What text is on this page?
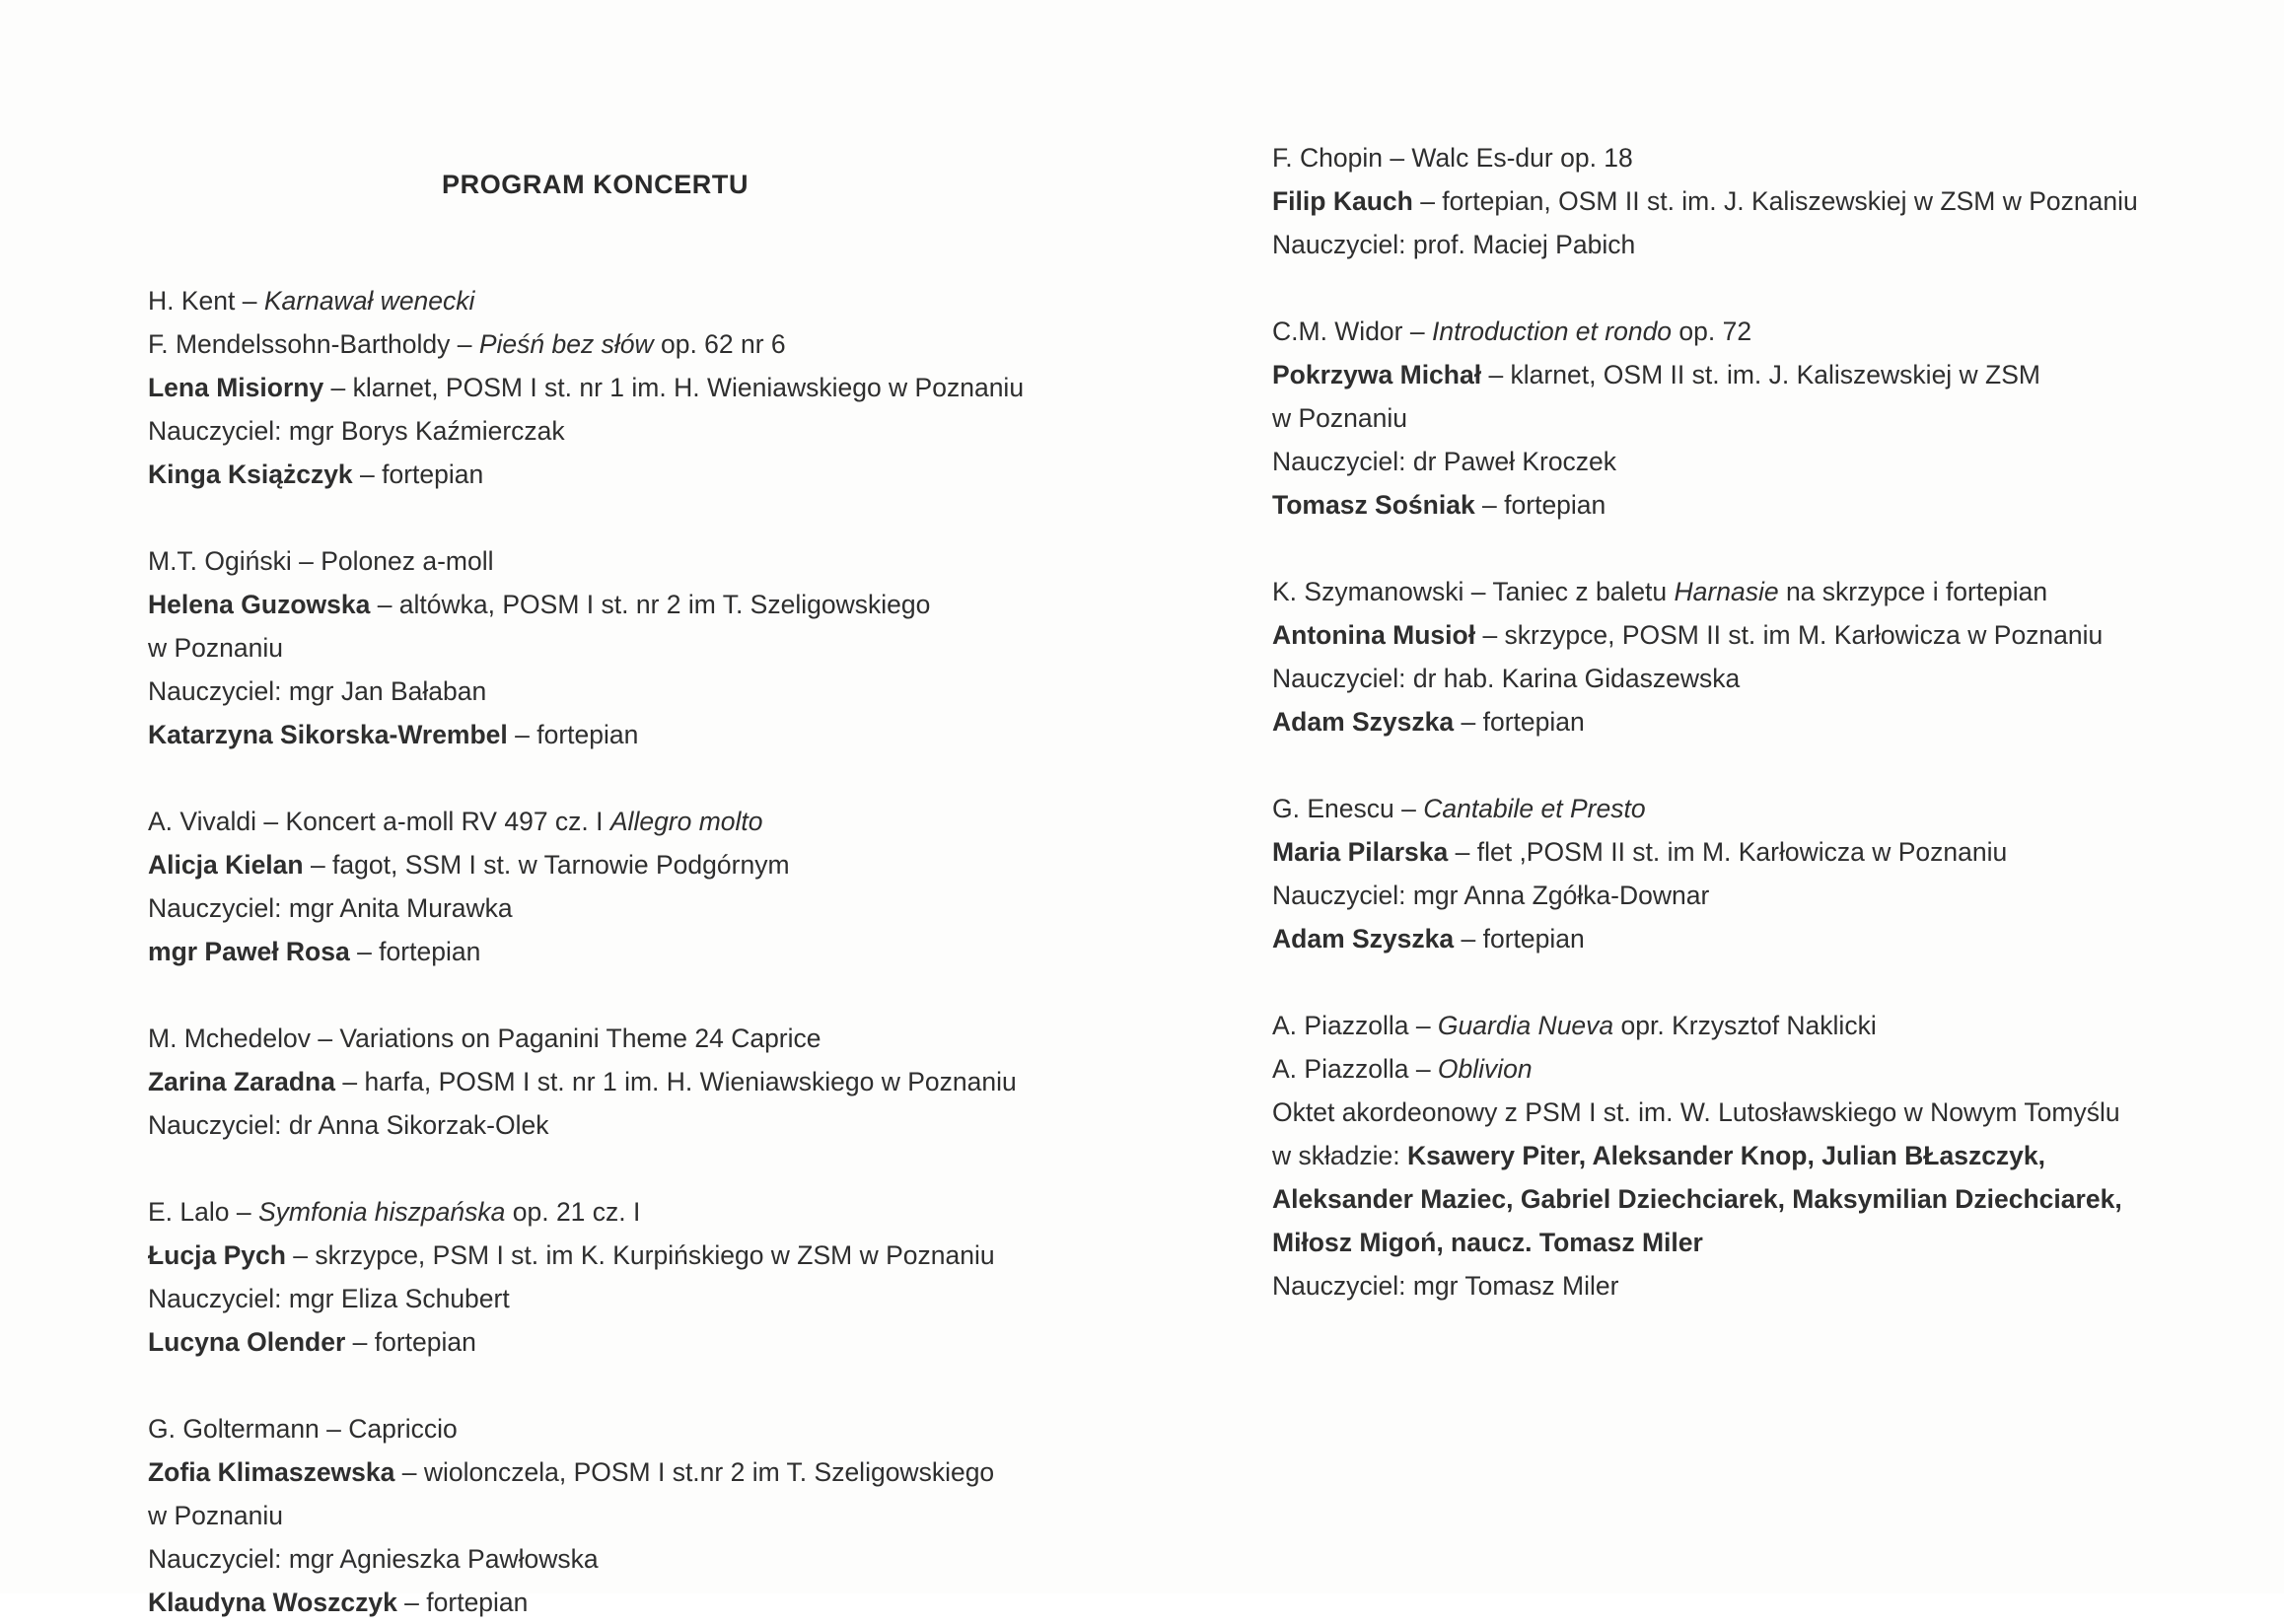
PROGRAM KONCERTU
H. Kent – Karnawał wenecki
F. Mendelssohn-Bartholdy – Pieśń bez słów op. 62 nr 6
Lena Misiorny – klarnet, POSM I st. nr 1 im. H. Wieniawskiego w Poznaniu
Nauczyciel: mgr Borys Kaźmierczak
Kinga Książczyk – fortepian
M.T. Ogiński – Polonez a-moll
Helena Guzowska – altówka, POSM I st. nr 2 im T. Szeligowskiego
w Poznaniu
Nauczyciel: mgr Jan Bałaban
Katarzyna Sikorska-Wrembel – fortepian
A. Vivaldi – Koncert a-moll RV 497 cz. I Allegro molto
Alicja Kielan – fagot, SSM I st. w Tarnowie Podgórnym
Nauczyciel: mgr Anita Murawka
mgr Paweł Rosa – fortepian
M. Mchedelov – Variations on Paganini Theme 24 Caprice
Zarina Zaradna – harfa, POSM I st. nr 1 im. H. Wieniawskiego w Poznaniu
Nauczyciel: dr Anna Sikorzak-Olek
E. Lalo – Symfonia hiszpańska op. 21 cz. I
Łucja Pych – skrzypce, PSM I st. im K. Kurpińskiego w ZSM w Poznaniu
Nauczyciel: mgr Eliza Schubert
Lucyna Olender – fortepian
G. Goltermann – Capriccio
Zofia Klimaszewska – wiolonczela, POSM I st.nr 2 im T. Szeligowskiego
w Poznaniu
Nauczyciel: mgr Agnieszka Pawłowska
Klaudyna Woszczyk – fortepian
F. Chopin – Walc Es-dur op. 18
Filip Kauch – fortepian, OSM II st. im. J. Kaliszewskiej w ZSM w Poznaniu
Nauczyciel: prof. Maciej Pabich
C.M. Widor – Introduction et rondo op. 72
Pokrzywa Michał – klarnet, OSM II st. im. J. Kaliszewskiej w ZSM
w Poznaniu
Nauczyciel: dr Paweł Kroczek
Tomasz Sośniak – fortepian
K. Szymanowski – Taniec z baletu Harnasie na skrzypce i fortepian
Antonina Musioł – skrzypce, POSM II st. im M. Karłowicza w Poznaniu
Nauczyciel: dr hab. Karina Gidaszewska
Adam Szyszka – fortepian
G. Enescu – Cantabile et Presto
Maria Pilarska – flet ,POSM II st. im M. Karłowicza w Poznaniu
Nauczyciel: mgr Anna Zgółka-Downar
Adam Szyszka – fortepian
A. Piazzolla – Guardia Nueva opr. Krzysztof Naklicki
A. Piazzolla – Oblivion
Oktet akordeonowy z PSM I st. im. W. Lutosławskiego w Nowym Tomyślu
w składzie: Ksawery Piter, Aleksander Knop, Julian BŁaszczyk,
Aleksander Maziec, Gabriel Dziechciarek, Maksymilian Dziechciarek,
Miłosz Migoń, naucz. Tomasz Miler
Nauczyciel: mgr Tomasz Miler
